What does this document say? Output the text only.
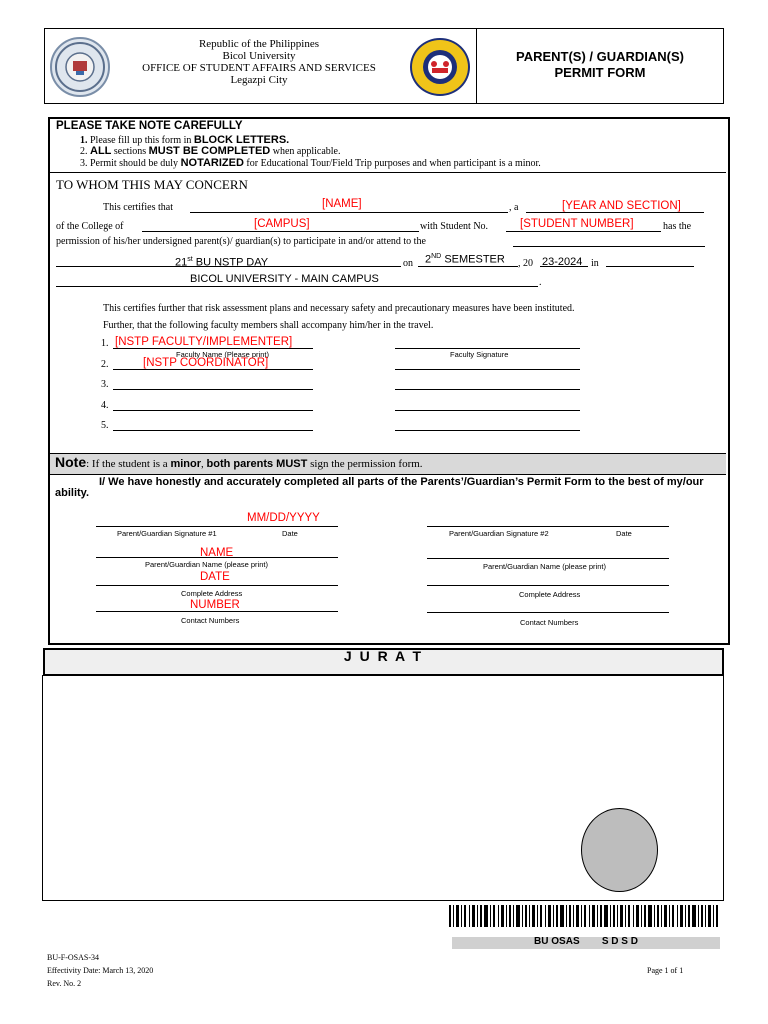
Republic of the Philippines
Bicol University
OFFICE OF STUDENT AFFAIRS AND SERVICES
Legazpi City
PARENT(S) / GUARDIAN(S)
PERMIT FORM
PLEASE TAKE NOTE CAREFULLY
1. Please fill up this form in BLOCK LETTERS.
2. ALL sections MUST BE COMPLETED when applicable.
3. Permit should be duly NOTARIZED for Educational Tour/Field Trip purposes and when participant is a minor.
TO WHOM THIS MAY CONCERN
This certifies that	[NAME]	, a	[YEAR AND SECTION]
of the College of	[CAMPUS]	with Student No.	[STUDENT NUMBER]	has the
permission of his/her undersigned parent(s)/ guardian(s) to participate in and/or attend to the
21st BU NSTP DAY	on 2ND SEMESTER , 20 23-2024 in
BICOL UNIVERSITY - MAIN CAMPUS	.
This certifies further that risk assessment plans and necessary safety and precautionary measures have been instituted.
Further, that the following faculty members shall accompany him/her in the travel.
1. [NSTP FACULTY/IMPLEMENTER]
Faculty Name (Please print)	Faculty Signature
2.	[NSTP COORDINATOR]
3.
4.
5.
Note: If the student is a minor, both parents MUST sign the permission form.
I/ We have honestly and accurately completed all parts of the Parents’/Guardian’s Permit Form to the best of my/our ability.
MM/DD/YYYY
Parent/Guardian Signature #1	Date
NAME
Parent/Guardian Name (please print)
DATE
Complete Address
NUMBER
Contact Numbers
Parent/Guardian Signature #2	Date
Parent/Guardian Name (please print)
Complete Address
Contact Numbers
J U R A T
BU OSAS        S D S D
BU-F-OSAS-34
Effectivity Date: March 13, 2020
Rev. No. 2
Page 1 of 1
